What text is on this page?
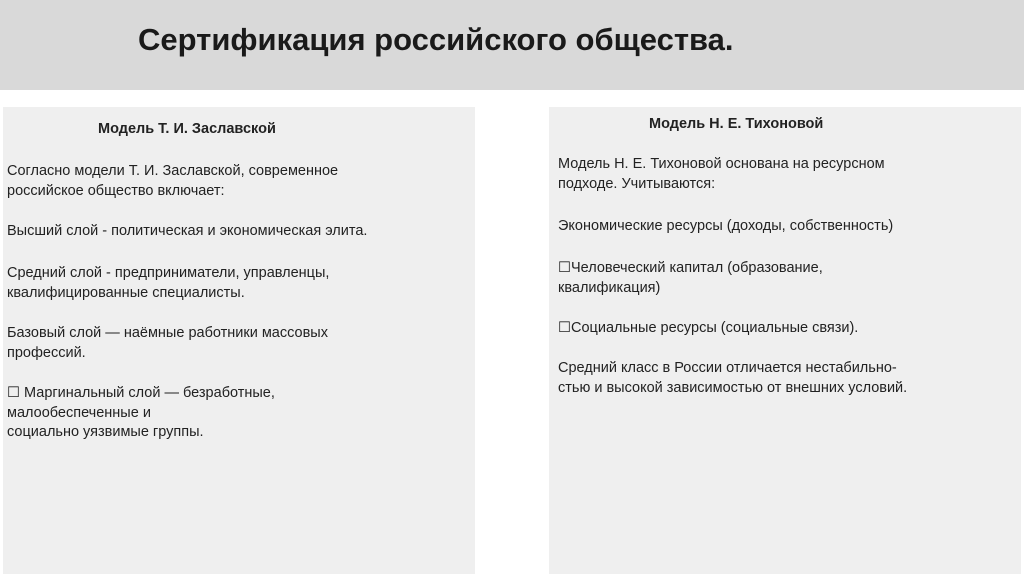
Сертификация российского общества.
Модель Т. И. Заславской
Согласно модели Т. И. Заславской, современное
российское общество включает:
Высший слой - политическая и экономическая элита.
Средний слой - предприниматели, управленцы,
квалифицированные специалисты.
Базовый слой — наёмные работники массовых
профессий.
☐ Маргинальный слой — безработные,
малообеспеченные и
социально уязвимые группы.
Модель Н. Е. Тихоновой
Модель Н. Е. Тихоновой основана на ресурсном
подходе. Учитываются:
Экономические ресурсы (доходы, собственность)
☐Человеческий капитал (образование,
квалификация)
☐Социальные ресурсы (социальные связи).
Средний класс в России отличается нестабильно-
стью и высокой зависимостью от внешних условий.
